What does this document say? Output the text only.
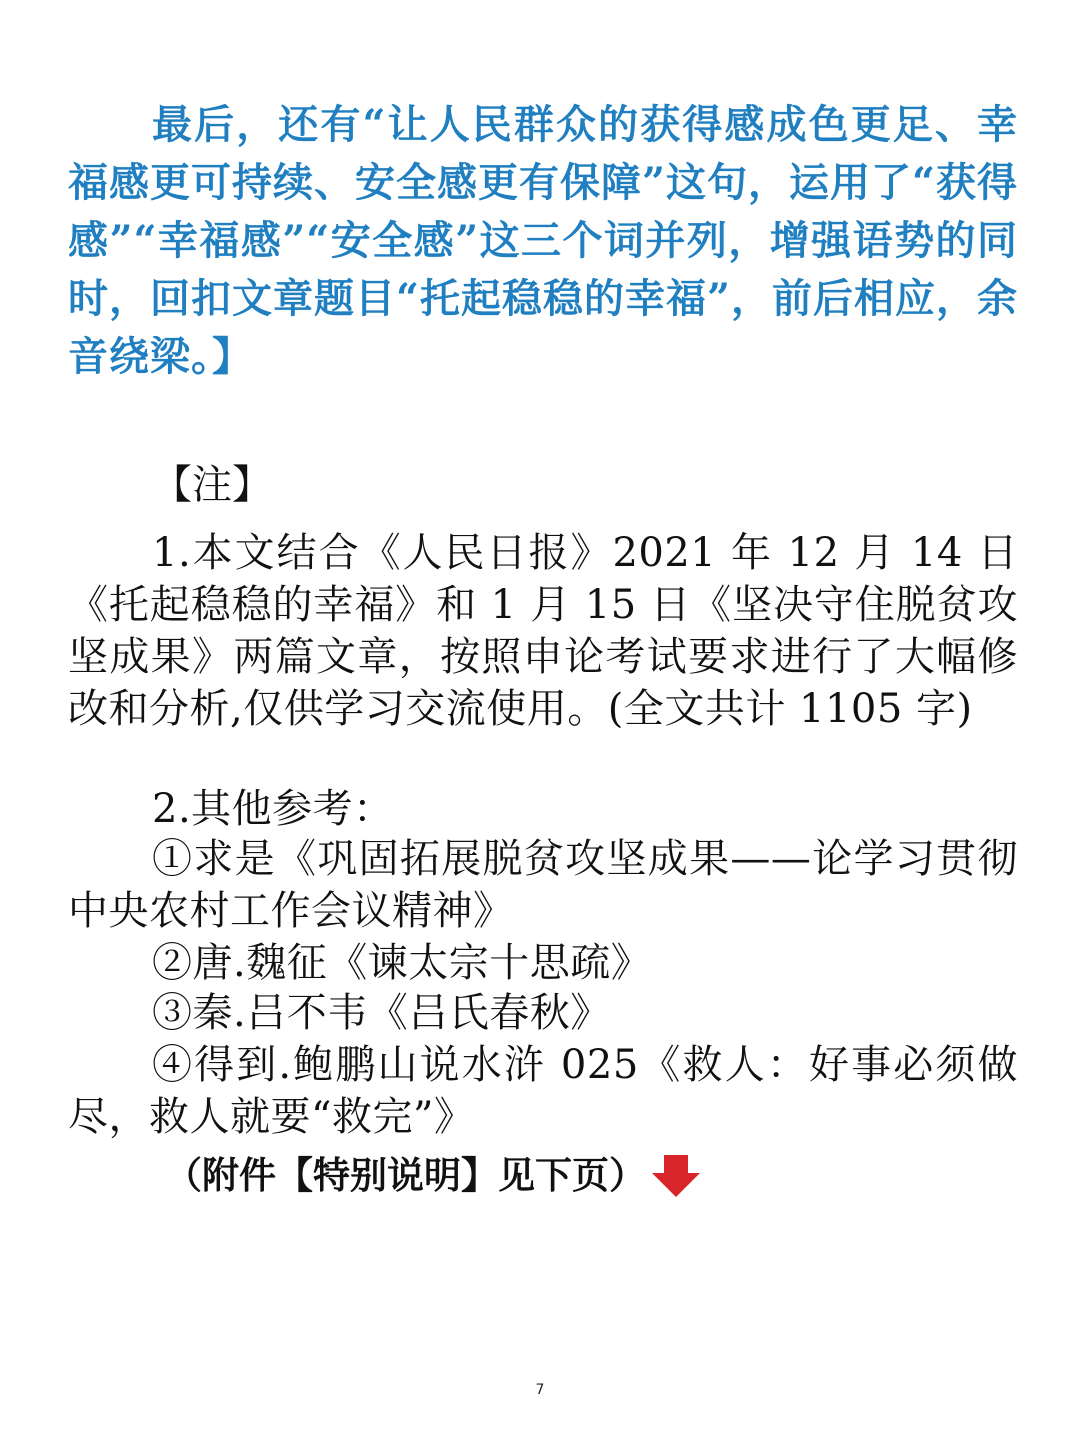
最后，还有“让人民群众的获得感成色更足、幸福感更可持续、安全感更有保障”这句，运用了“获得感”“幸福感”“安全感”这三个词并列，增强语势的同时，回扣文章题目“托起稳稳的幸福”，前后相应，余音绕梁。】
【注】
1.本文结合《人民日报》2021 年 12 月 14 日《托起稳稳的幸福》和 1 月 15 日《坚决守住脱贫攻坚成果》两篇文章，按照申论考试要求进行了大幅修改和分析,仅供学习交流使用。(全文共计 1105 字)
2.其他参考：
①求是《巩固拓展脱贫攻坚成果——论学习贯彻中央农村工作会议精神》
②唐.魏征《谏太宗十思疏》
③秦.吕不韦《吕氏春秋》
④得到.鲍鹏山说水浒 025《救人：好事必须做尽，救人就要“救完”》
（附件【特别说明】见下页）
7
